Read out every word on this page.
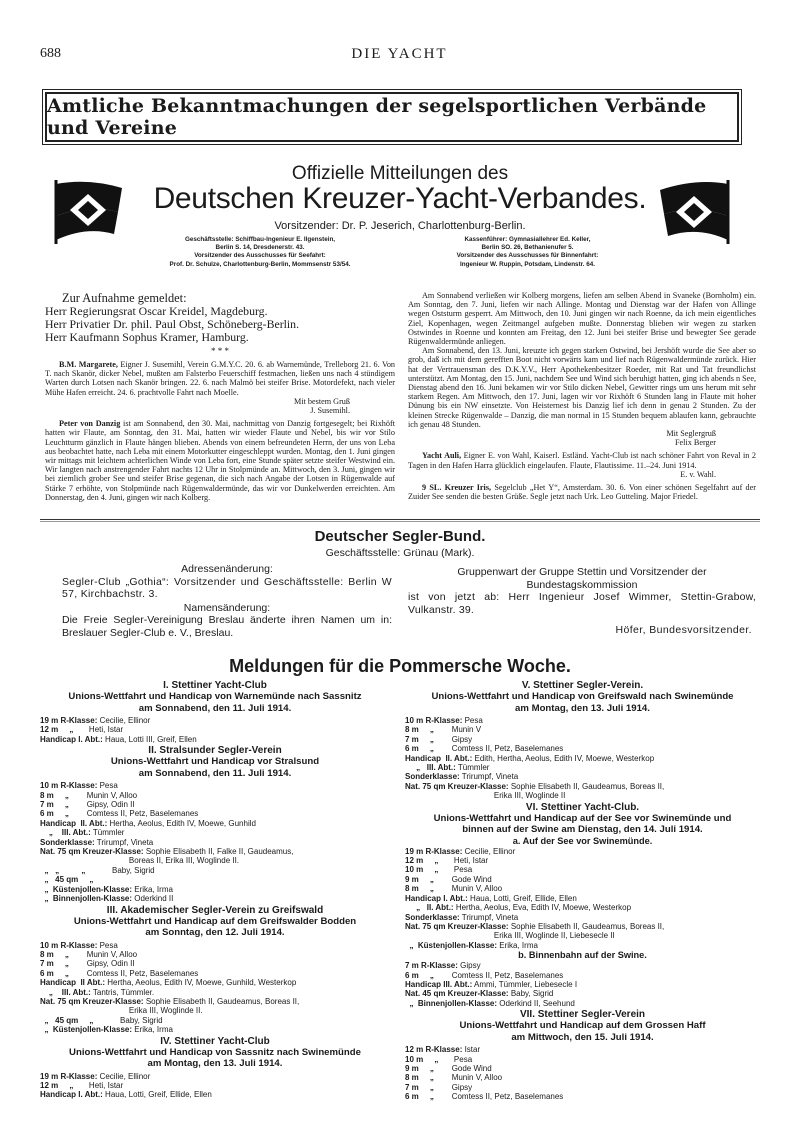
688	DIE YACHT
Amtliche Bekanntmachungen der segelsportlichen Verbände und Vereine
Offizielle Mitteilungen des
Deutschen Kreuzer-Yacht-Verbandes.
Vorsitzender: Dr. P. Jeserich, Charlottenburg-Berlin.
Geschäftsstelle: Schiffbau-Ingenieur E. Ilgenstein,
Berlin S. 14, Dresdenerstr. 43.
Vorsitzender des Ausschusses für Seefahrt:
Prof. Dr. Schulze, Charlottenburg-Berlin, Mommsenstr 53/54.
Kassenführer: Gymnasiallehrer Ed. Keller,
Berlin SO. 26, Bethanienufer 5.
Vorsitzender des Ausschusses für Binnenfahrt:
Ingenieur W. Ruppin, Potsdam, Lindenstr. 64.
Zur Aufnahme gemeldet:
Herr Regierungsrat Oscar Kreidel, Magdeburg.
Herr Privatier Dr. phil. Paul Obst, Schöneberg-Berlin.
Herr Kaufmann Sophus Kramer, Hamburg.
* * *

B.M. Margarete, Eigner J. Susemihl, Verein G.M.Y.C. 20. 6. ab Warnemünde, Trelleborg 21. 6. Von T. nach Skanör, dicker Nebel, mußten am Falsterbo Feuerschiff festmachen, ließen uns nach 4 stündigem Warten durch Lotsen nach Skanör bringen. 22. 6. nach Malmö bei steifer Brise. Motordefekt, nach vieler Mühe Hafen erreicht. 24. 6. prachtvolle Fahrt nach Moelle.

Mit bestem Gruß
J. Susemihl.

Peter von Danzig ist am Sonnabend, den 30. Mai, nachmittag von Danzig fortgesegelt; bei Rixhöft hatten wir Flaute, am Sonntag, den 31. Mai, hatten wir wieder Flaute und Nebel, bis wir vor Stilo Leuchtturm gänzlich in Flaute hängen blieben. Abends von einem befreundeten Herrn, der uns von Leba aus beobachtet hatte, nach Leba mit einem Motorkutter eingeschleppt wurden. Montag, den 1. Juni gingen wir mittags mit leichtem achterlichen Winde von Leba fort, eine Stunde später setzte steifer Westwind ein. Wir langten nach anstrengender Fahrt nachts 12 Uhr in Stolpmünde an. Mittwoch, den 3. Juni, gingen wir bei ziemlich grober See und steifer Brise gegenan, die sich nach Angabe der Lotsen in Rügenwalde auf Stärke 7 erhöhte, von Stolpmünde nach Rügenwaldermünde, das wir vor Dunkelwerden erreichten. Am Donnerstag, den 4. Juni, gingen wir nach Kolberg.

Am Sonnabend verließen wir Kolberg morgens, liefen am selben Abend in Svaneke (Bornholm) ein. Am Sonntag, den 7. Juni, liefen wir nach Allinge. Montag und Dienstag war der Hafen von Allinge wegen Oststurm gesperrt. Am Mittwoch, den 10. Juni gingen wir nach Roenne, da ich mein eigentliches Ziel, Kopenhagen, wegen Zeitmangel aufgeben mußte. Donnerstag blieben wir wegen zu starken Ostwindes in Roenne und konnten am Freitag, den 12. Juni bei steifer Brise und bewegter See gerade Rügenwaldermünde anliegen.

Am Sonnabend, den 13. Juni, kreuzte ich gegen starken Ostwind, bei Jershöft wurde die See aber so grob, daß ich mit dem gerefften Boot nicht vorwärts kam und lief nach Rügenwaldermünde zurück. Hier hat der Vertrauensman des D.K.Y.V., Herr Apothekenbesitzer Roeder, mit Rat und Tat freundlichst unterstützt. Am Montag, den 15. Juni, nachdem See und Wind sich beruhigt hatten, ging ich abends n See, Dienstag abend den 16. Juni bekamen wir vor Stilo dicken Nebel, Gewitter rings um uns herum mit sehr starkem Regen. Am Mittwoch, den 17. Juni, lagen wir vor Rixhöft 6 Stunden lang in Flaute mit hoher Dünung bis ein NW einsetzte. Von Heisternest bis Danzig lief ich denn in genau 2 Stunden. Zu der kleinen Strecke Rügenwalde – Danzig, die man normal in 15 Stunden bequem ablaufen kann, gebrauchte ich genau 48 Stunden.

Mit Seglergruß
Felix Berger

Yacht Auli, Eigner E. von Wahl, Kaiserl. Estländ. Yacht-Club ist nach schöner Fahrt von Reval in 2 Tagen in den Hafen Harra glücklich eingelaufen. Flaute, Flautissime. 11.–24. Juni 1914.

E. v. Wahl.

9 SL. Kreuzer Iris, Segelclub „Het Y“, Amsterdam. 30. 6. Von einer schönen Segelfahrt auf der Zuider See senden die besten Grüße. Segle jetzt nach Urk. Leo Gutteling. Major Friedel.

Deutscher Segler-Bund.
Geschäftsstelle: Grünau (Mark).
Adressenänderung:
Segler-Club „Gothia“: Vorsitzender und Geschäftsstelle: Berlin W 57, Kirchbachstr. 3.
Namensänderung:
Die Freie Segler-Vereinigung Breslau änderte ihren Namen um in: Breslauer Segler-Club e. V., Breslau.
Gruppenwart der Gruppe Stettin und Vorsitzender der Bundestagskommission
ist von jetzt ab: Herr Ingenieur Josef Wimmer, Stettin-Grabow, Vulkanstr. 39.
Höfer, Bundesvorsitzender.
Meldungen für die Pommersche Woche.
I. Stettiner Yacht-Club
Unions-Wettfahrt und Handicap von Warnemünde nach Sassnitz
am Sonnabend, den 11. Juli 1914.
19 m R-Klasse: Cecilie, Ellinor
12 m     „       Heti, Istar
Handicap I. Abt.: Haua, Lotti III, Greif, Ellen
II. Stralsunder Segler-Verein
Unions-Wettfahrt und Handicap vor Stralsund
am Sonnabend, den 11. Juli 1914.
10 m R-Klasse: Pesa
8 m     „        Munin V, Alloo
7 m     „        Gipsy, Odin II
6 m     „        Comtess II, Petz, Baselemanes
Handicap  II. Abt.: Hertha, Aeolus, Edith IV, Moewe, Gunhild
„    III. Abt.: Tümmler
Sonderklasse: Trirumpf, Vineta
Nat. 75 qm Kreuzer-Klasse: Sophie Elisabeth II, Falke II, Gaudeamus,
Boreas II, Erika III, Woglinde II.
„   „          „            Baby, Sigrid
„   45 qm     „
„  Küstenjollen-Klasse: Erika, Irma
„  Binnenjollen-Klasse: Oderkind II
III. Akademischer Segler-Verein zu Greifswald
Unions-Wettfahrt und Handicap auf dem Greifswalder Bodden
am Sonntag, den 12. Juli 1914.
10 m R-Klasse: Pesa
8 m     „        Munin V, Alloo
7 m     „        Gipsy, Odin II
6 m     „        Comtess II, Petz, Baselemanes
Handicap  II Abt.: Hertha, Aeolus, Edith IV, Moewe, Gunhild, Westerkop
„    III. Abt.: Tantris, Tümmler.
Nat. 75 qm Kreuzer-Klasse: Sophie Elisabeth II, Gaudeamus, Boreas II,
Erika III, Woglinde II.
„   45 qm     „            Baby, Sigrid
„  Küstenjollen-Klasse: Erika, Irma
IV. Stettiner Yacht-Club
Unions-Wettfahrt und Handicap von Sassnitz nach Swinemünde
am Montag, den 13. Juli 1914.
19 m R-Klasse: Cecilie, Ellinor
12 m     „       Heti, Istar
Handicap I. Abt.: Haua, Lotti, Greif, Ellide, Ellen
V. Stettiner Segler-Verein.
Unions-Wettfahrt und Handicap von Greifswald nach Swinemünde
am Montag, den 13. Juli 1914.
10 m R-Klasse: Pesa
8 m     „        Munin V
7 m     „        Gipsy
6 m     „        Comtess II, Petz, Baselemanes
Handicap  II. Abt.: Edith, Hertha, Aeolus, Edith IV, Moewe, Westerkop
„   III. Abt.: Tümmler
Sonderklasse: Trirumpf, Vineta
Nat. 75 qm Kreuzer-Klasse: Sophie Elisabeth II, Gaudeamus, Boreas II,
Erika III, Woglinde II
VI. Stettiner Yacht-Club.
Unions-Wettfahrt und Handicap auf der See vor Swinemünde und
binnen auf der Swine am Dienstag, den 14. Juli 1914.
a. Auf der See vor Swinemünde.
19 m R-Klasse: Cecilie, Ellinor
12 m     „       Heti, Istar
10 m     „       Pesa
9 m     „        Gode Wind
8 m     „        Munin V, Alloo
Handicap I. Abt.: Haua, Lotti, Greif, Ellide, Ellen
„   II. Abt.: Hertha, Aeolus, Eva, Edith IV, Moewe, Westerkop
Sonderklasse: Trirumpf, Vineta
Nat. 75 qm Kreuzer-Klasse: Sophie Elisabeth II, Gaudeamus, Boreas II,
Erika III, Woglinde II, Liebesecle II
„  Küstenjollen-Klasse: Erika, Irma
b. Binnenbahn auf der Swine.
7 m R-Klasse: Gipsy
6 m     „        Comtess II, Petz, Baselemanes
Handicap III. Abt.: Ammi, Tümmler, Liebesecle I
Nat. 45 qm Kreuzer-Klasse: Baby, Sigrid
„  Binnenjollen-Klasse: Oderkind II, Seehund
VII. Stettiner Segler-Verein
Unions-Wettfahrt und Handicap auf dem Grossen Haff
am Mittwoch, den 15. Juli 1914.
12 m R-Klasse: Istar
10 m     „       Pesa
9 m     „        Gode Wind
8 m     „        Munin V, Alloo
7 m     „        Gipsy
6 m     „        Comtess II, Petz, Baselemanes
